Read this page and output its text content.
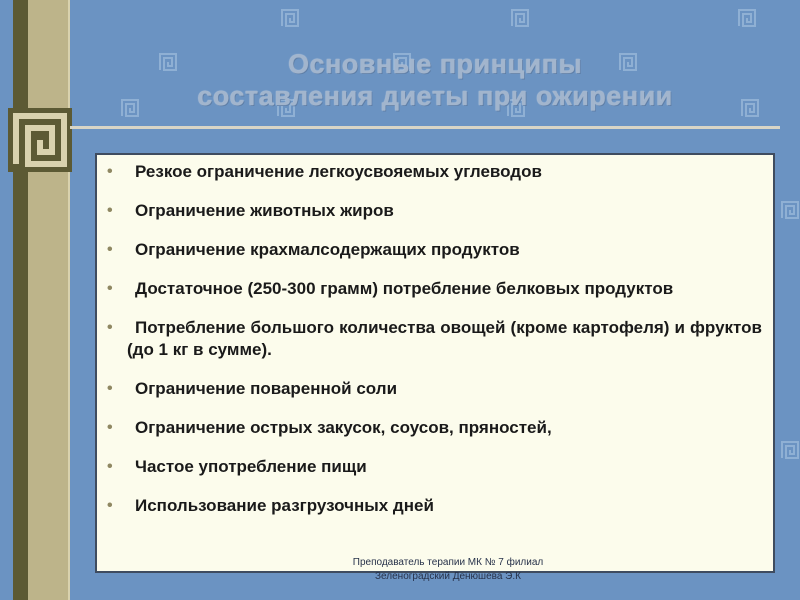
Основные принципы
составления диеты при ожирении
• Резкое ограничение легкоусвояемых углеводов
• Ограничение животных жиров
• Ограничение крахмалсодержащих продуктов
• Достаточное (250-300 грамм) потребление белковых продуктов
• Потребление большого количества овощей (кроме картофеля) и фруктов (до 1 кг в сумме).
• Ограничение поваренной соли
• Ограничение острых закусок, соусов, пряностей,
• Частое употребление пищи
• Использование разгрузочных дней
Преподаватель терапии МК № 7 филиал
Зеленоградский Денюшева Э.К
